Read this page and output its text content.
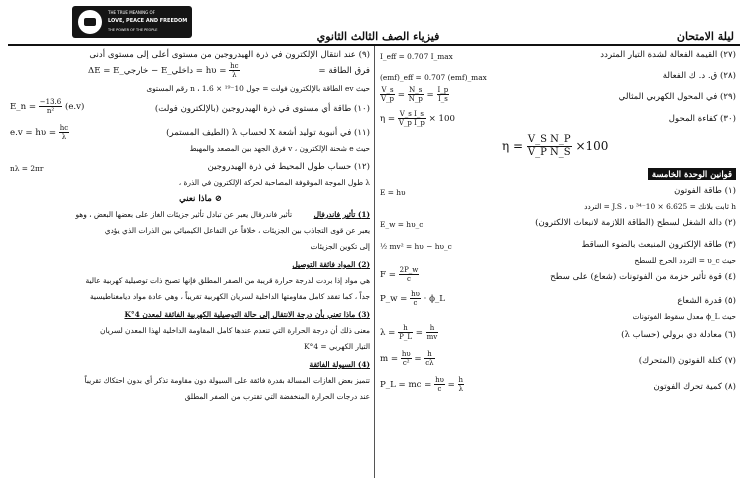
THE TRUE MEANING OF
LOVE, PEACE AND FREEDOM
THE POWER OF THE PEOPLE	فيزياء الصف الثالث الثانوي	ليلة الامتحان
(٢٧) القيمة الفعالة لشدة التيار المتردد
I_eff = 0.707 I_max
(٢٨) ق. د. ك الفعالة
(emf)_eff = 0.707 (emf)_max
(٢٩) في المحول الكهربي المثالي
$\frac{V\_s}{V\_p} = \frac{N\_s}{N\_p} = \frac{I\_p}{I\_s}$
(٣٠) كفاءة المحول
$\eta = \frac{\text{V\_s I\_s}}{\text{V\_p I\_p}} \times 100$
$\eta = \frac{\text{V\_S N\_P}}{\text{V\_P N\_S}} \times 100$
قوانين الوحدة الخامسة
(١) طاقة الفوتون
E = hυ
h ثابت بلانك = 6.625 × 10⁻³⁴ J.S ، υ = التردد
(٢) دالة الشغل لسطح (الطاقة اللازمة لانبعاث الالكترون)
E_w = hυ_c
(٣) طاقة الإلكترون المنبعث بالضوء الساقط
½ mv² = hυ − hυ_c
حيث υ_c = التردد الحرج للسطح
(٤) قوة تأثير حزمة من الفوتونات (شعاع) على سطح
$F = \frac{2P\_w}{c}$
(٥) قدرة الشعاع
P_w = $\frac{h\upsilon}{c}$ · ϕ_L
حيث ϕ_L معدل سقوط الفوتونات
(٦) معادلة دي برولي (حساب λ)
$\lambda = \frac{h}{P\_L} = \frac{h}{mv}$
(٧) كتلة الفوتون (المتحرك)
$m = \frac{h\upsilon}{\text{c²}} = \frac{h}{c\lambda}$
(٨) كمية تحرك الفوتون
P_L = mc = $\frac{h\upsilon}{c} = \frac{h}{\lambda}$
(٩) عند انتقال الإلكترون في ذرة الهيدروجين من مستوى أعلى إلى مستوى أدنى
فرق الطاقة =
ΔE = E_خارجي − E_داخلي = $h\upsilon = \frac{hc}{\lambda}$
حيث ev الطاقة بالإلكترون فولت = جول 10⁻¹⁹ × 1.6 ، n رقم المستوى
(١٠) طاقة أي مستوى في ذرة الهيدروجين (بالإلكترون فولت)
E_n = $\frac{-13.6}{\text{n²}} (e.v)$
(١١) في أنبوبة توليد أشعة X لحساب λ (الطيف المستمر)
$e.v = h\upsilon = \frac{hc}{\lambda}$
حيث e شحنة الإلكترون ، v فرق الجهد بين المصعد والمهبط
(١٢) حساب طول المحيط في ذرة الهيدروجين
nλ = 2πr
λ طول الموجة الموقوفة المصاحبة لحركة الإلكترون في الذرة ،
⊘ ماذا نعني
(1) تأثير فاندرفال
تأثير فاندرفال يعبر عن تبادل تأثير جزيئات الغاز على بعضها البعض ، وهو
يعبر عن قوى التجاذب بين الجزيئات ، خلافاً عن التفاعل الكيميائي بين الذرات الذي يؤدي
إلى تكوين الجزيئات
(2) المواد فائقة التوصيل
هي مواد إذا بردت لدرجة حرارة قريبة من الصفر المطلق فإنها تصبح ذات توصيلية كهربية عالية
جداً ، كما تفقد كامل مقاومتها الداخلية لسريان الكهربية تقريباً ، وهي عادة مواد ديامغناطيسية
(3) ماذا تعني بأن درجة الانتقال إلى حالة التوصيلية الكهربية الفائقة لمعدن 4°K
معنى ذلك أن درجة الحرارة التي تنعدم عندها كامل المقاومة الداخلية لهذا المعدن لسريان
التيار الكهربي = 4°K
(4) السيولة الفائقة
تتميز بعض الغازات المسالة بقدرة فائقة على السيولة دون مقاومة تذكر أي بدون احتكاك تقريباً
عند درجات الحرارة المنخفضة التي تقترب من الصفر المطلق
